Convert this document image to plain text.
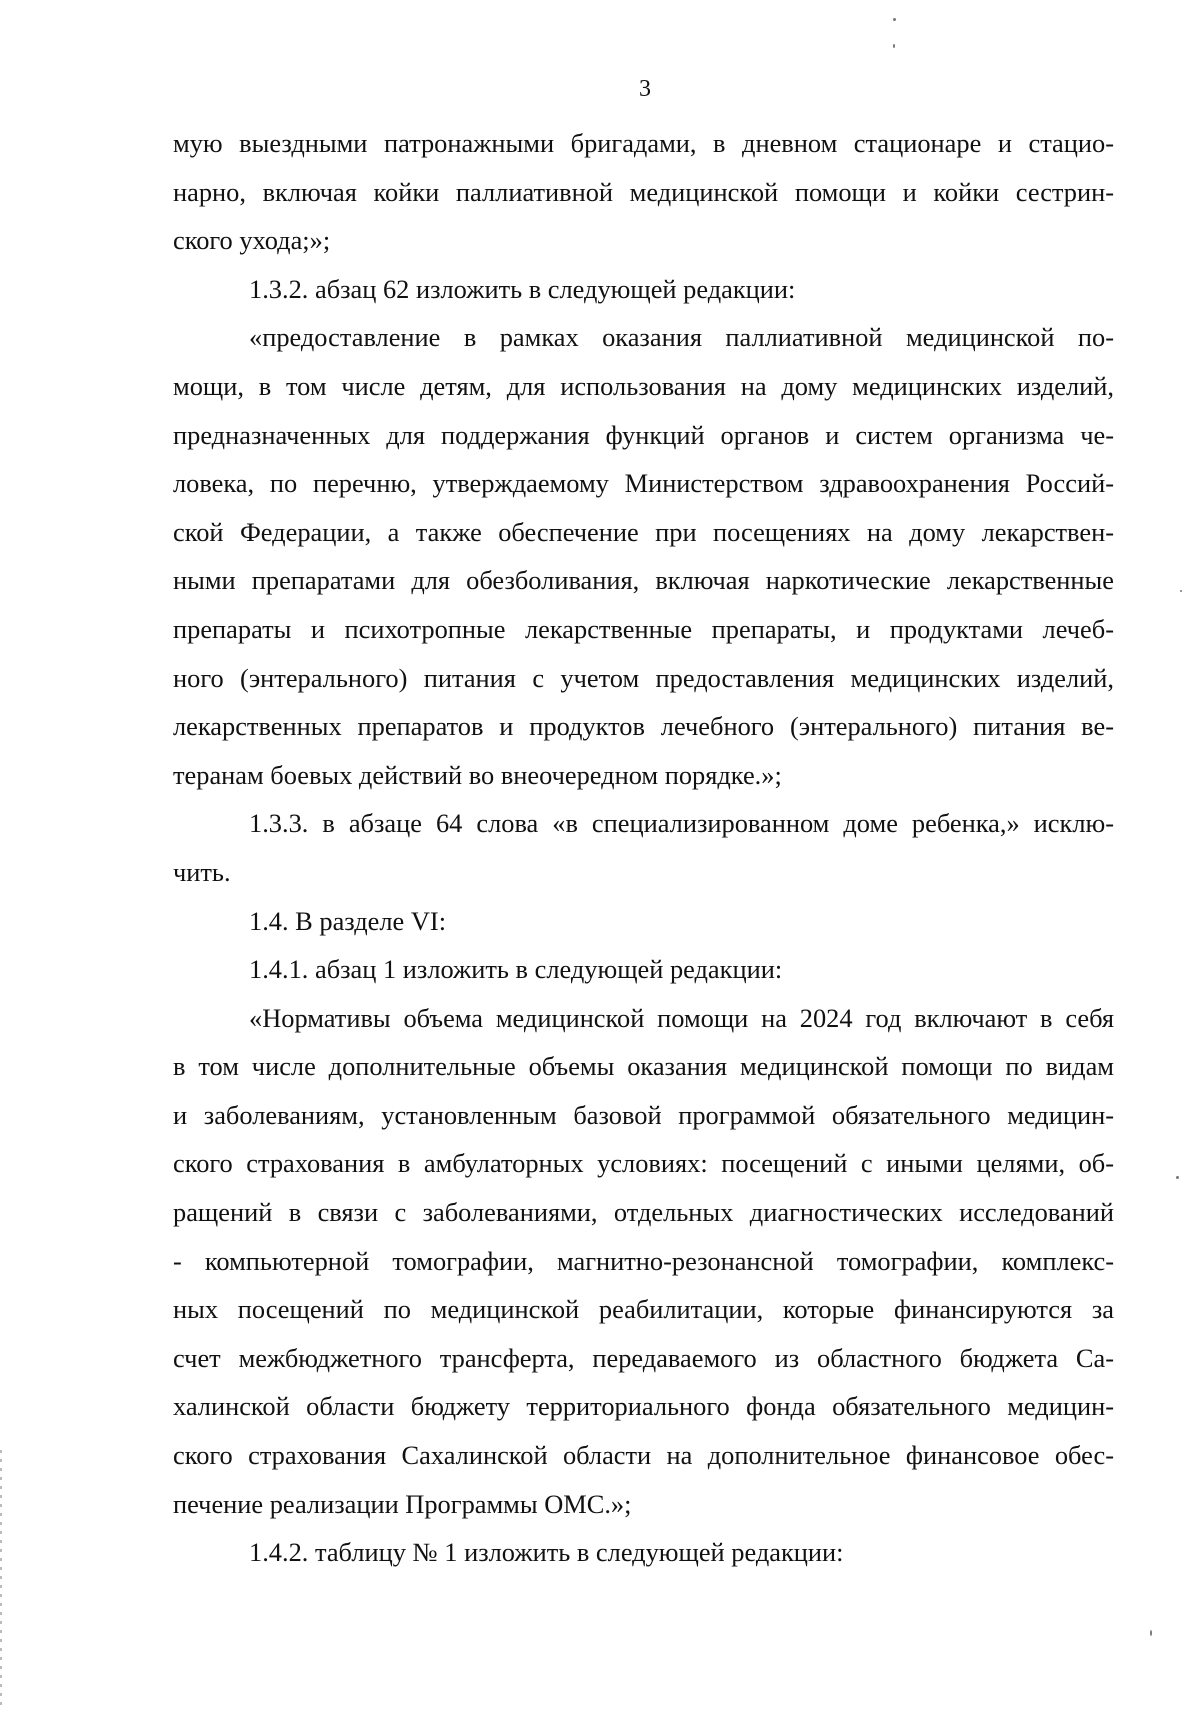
3

мую выездными патронажными бригадами, в дневном стационаре и стацио-
нарно, включая койки паллиативной медицинской помощи и койки сестрин-
ского ухода;»;

1.3.2. абзац 62 изложить в следующей редакции:

«предоставление в рамках оказания паллиативной медицинской по-
мощи, в том числе детям, для использования на дому медицинских изделий,
предназначенных для поддержания функций органов и систем организма че-
ловека, по перечню, утверждаемому Министерством здравоохранения Россий-
ской Федерации, а также обеспечение при посещениях на дому лекарствен-
ными препаратами для обезболивания, включая наркотические лекарственные
препараты и психотропные лекарственные препараты, и продуктами лечеб-
ного (энтерального) питания с учетом предоставления медицинских изделий,
лекарственных препаратов и продуктов лечебного (энтерального) питания ве-
теранам боевых действий во внеочередном порядке.»;

1.3.3. в абзаце 64 слова «в специализированном доме ребенка,» исклю-
чить.

1.4. В разделе VI:

1.4.1. абзац 1 изложить в следующей редакции:

«Нормативы объема медицинской помощи на 2024 год включают в себя
в том числе дополнительные объемы оказания медицинской помощи по видам
и заболеваниям, установленным базовой программой обязательного медицин-
ского страхования в амбулаторных условиях: посещений с иными целями, об-
ращений в связи с заболеваниями, отдельных диагностических исследований
- компьютерной томографии, магнитно-резонансной томографии, комплекс-
ных посещений по медицинской реабилитации, которые финансируются за
счет межбюджетного трансферта, передаваемого из областного бюджета Са-
халинской области бюджету территориального фонда обязательного медицин-
ского страхования Сахалинской области на дополнительное финансовое обес-
печение реализации Программы ОМС.»;

1.4.2. таблицу № 1 изложить в следующей редакции:
